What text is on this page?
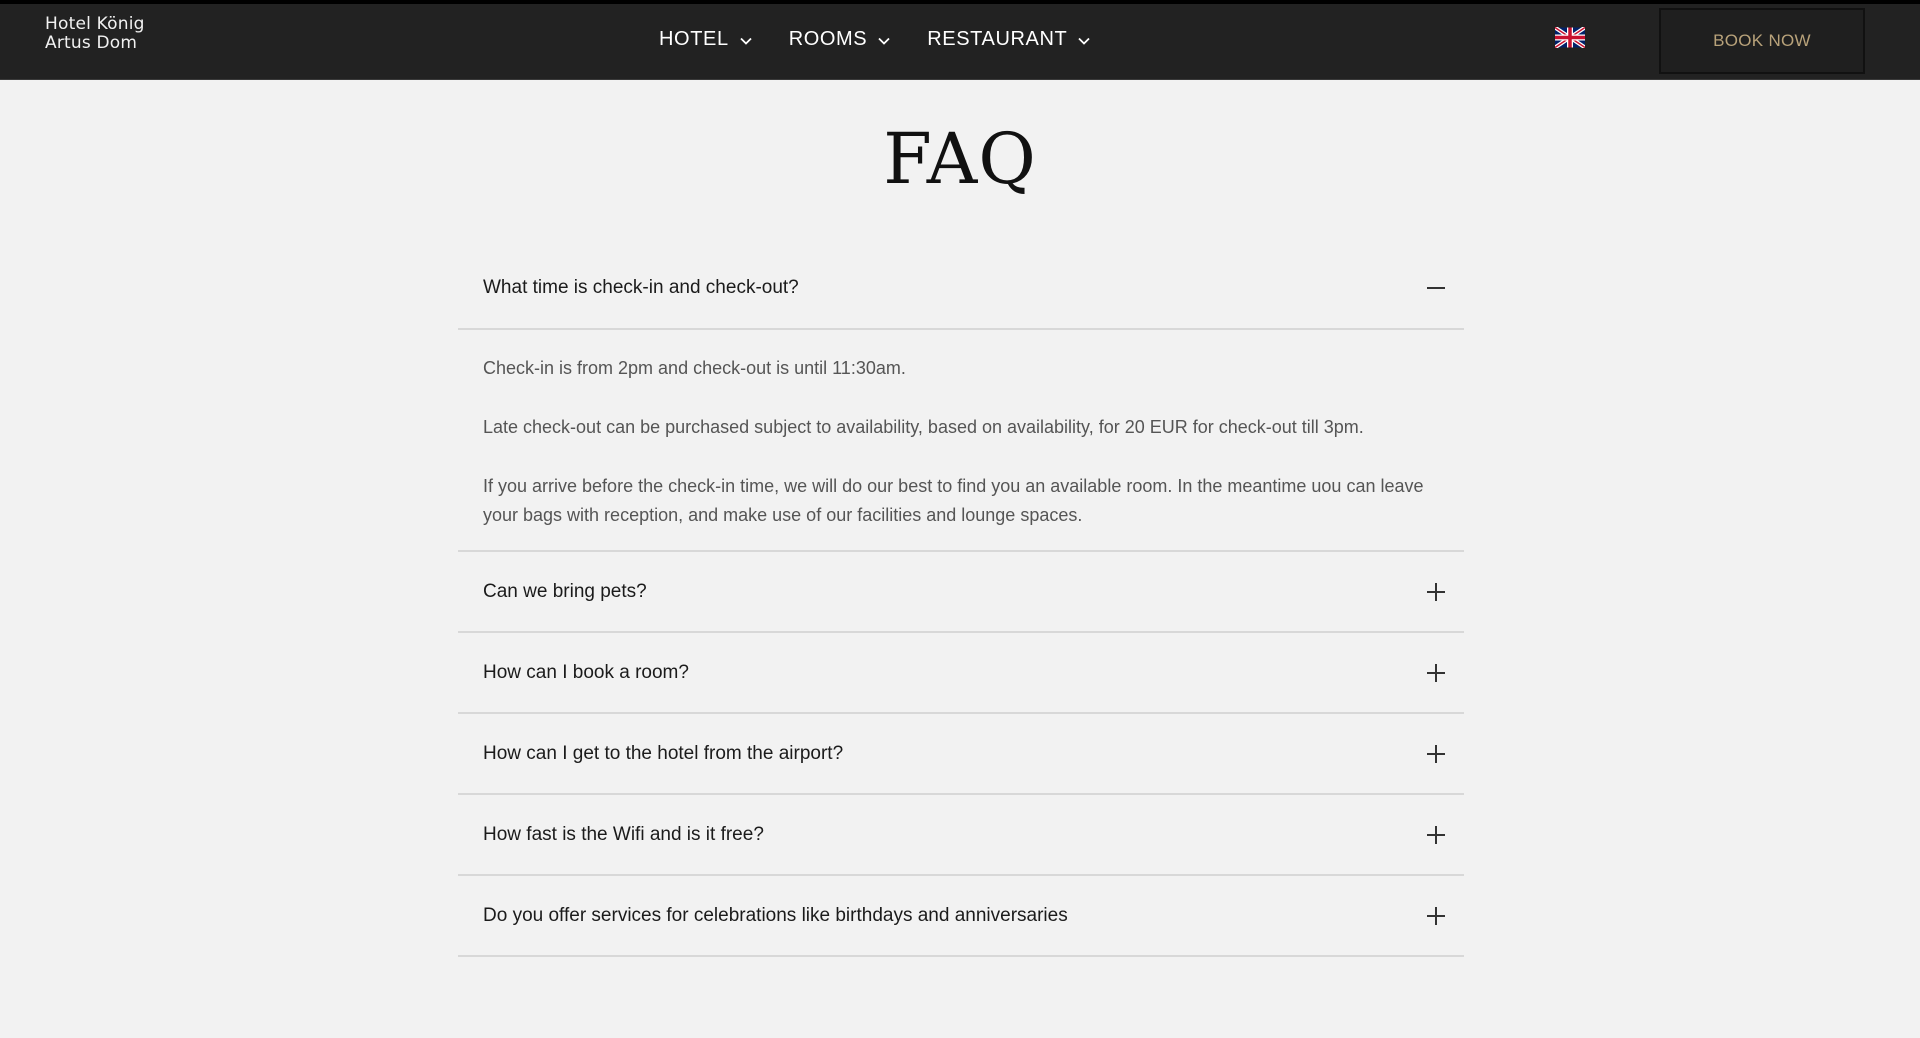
Hotel König
Artus Dom	HOTEL	ROOMS	RESTAURANT	BOOK NOW
FAQ
What time is check-in and check-out?

Check-in is from 2pm and check-out is until 11:30am.

Late check-out can be purchased subject to availability, based on availability, for 20 EUR for check-out till 3pm.

If you arrive before the check-in time, we will do our best to find you an available room. In the meantime uou can leave your bags with reception, and make use of our facilities and lounge spaces.

Can we bring pets?
How can I book a room?
How can I get to the hotel from the airport?
How fast is the Wifi and is it free?
Do you offer services for celebrations like birthdays and anniversaries
